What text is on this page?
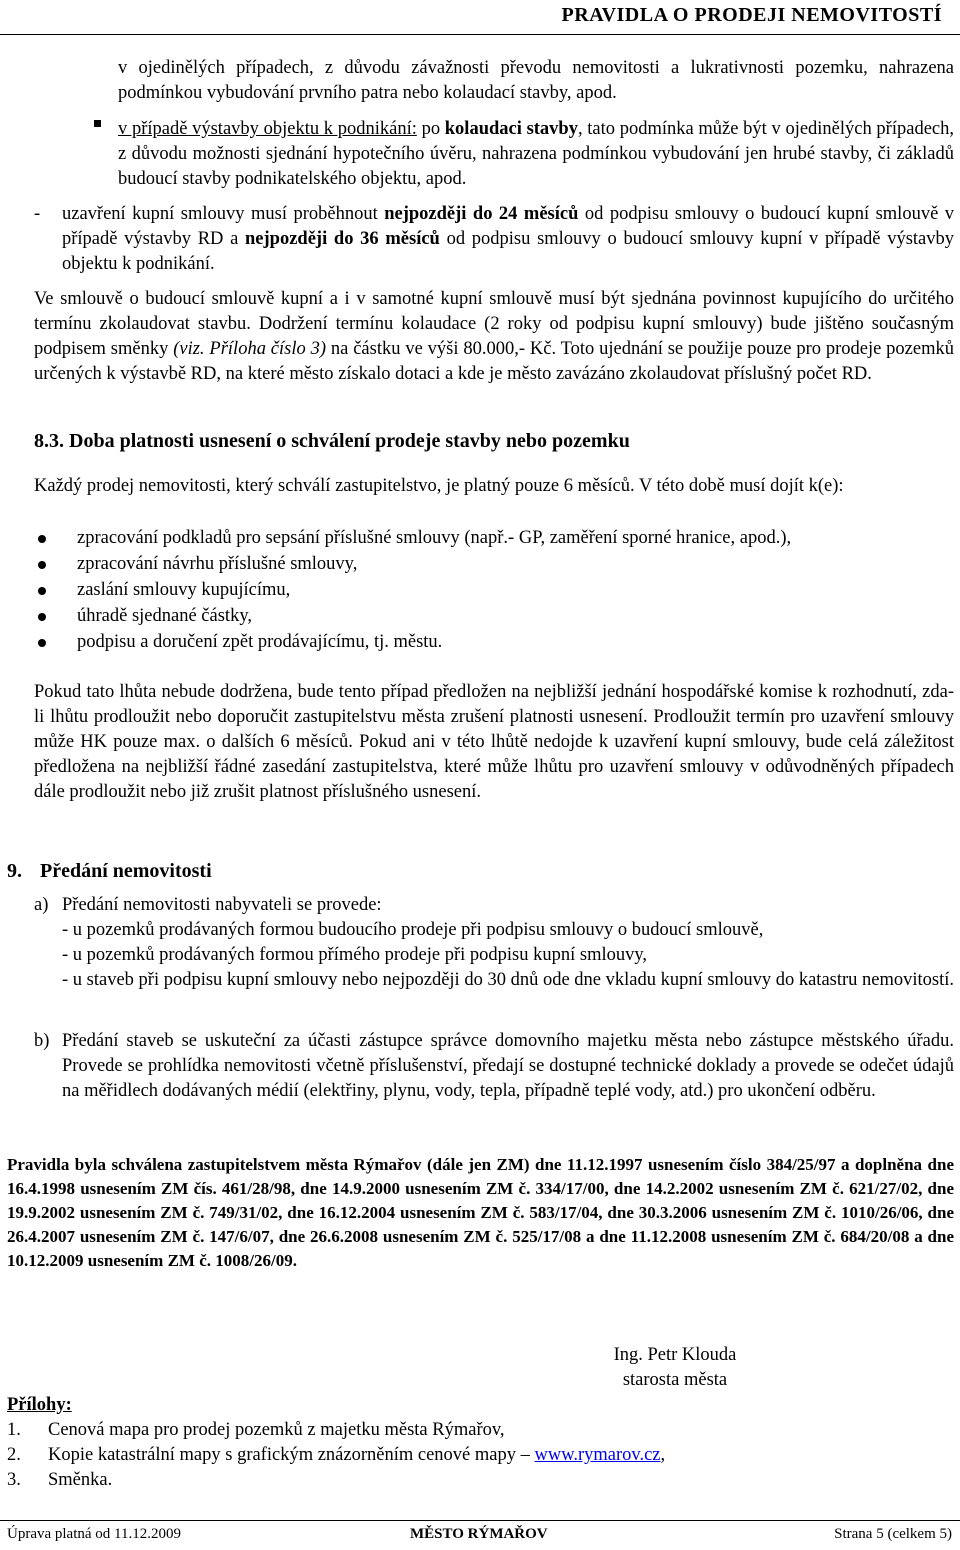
PRAVIDLA O PRODEJI NEMOVITOSTÍ

v ojedinělých případech, z důvodu závažnosti převodu nemovitosti a lukrativnosti pozemku, nahrazena podmínkou vybudování prvního patra nebo kolaudací stavby, apod.

v případě výstavby objektu k podnikání: po kolaudaci stavby, tato podmínka může být v ojedinělých případech, z důvodu možnosti sjednání hypotečního úvěru, nahrazena podmínkou vybudování jen hrubé stavby, či základů budoucí stavby podnikatelského objektu, apod.

- uzavření kupní smlouvy musí proběhnout nejpozději do 24 měsíců od podpisu smlouvy o budoucí kupní smlouvě v případě výstavby RD a nejpozději do 36 měsíců od podpisu smlouvy o budoucí smlouvy kupní v případě výstavby objektu k podnikání.

Ve smlouvě o budoucí smlouvě kupní a i v samotné kupní smlouvě musí být sjednána povinnost kupujícího do určitého termínu zkolaudovat stavbu. Dodržení termínu kolaudace (2 roky od podpisu kupní smlouvy) bude jištěno současným podpisem směnky (viz. Příloha číslo 3) na částku ve výši 80.000,- Kč. Toto ujednání se použije pouze pro prodeje pozemků určených k výstavbě RD, na které město získalo dotaci a kde je město zavázáno zkolaudovat příslušný počet RD.

8.3. Doba platnosti usnesení o schválení prodeje stavby nebo pozemku

Každý prodej nemovitosti, který schválí zastupitelstvo, je platný pouze 6 měsíců. V této době musí dojít k(e):

zpracování podkladů pro sepsání příslušné smlouvy (např.- GP, zaměření sporné hranice, apod.),
zpracování návrhu příslušné smlouvy,
zaslání smlouvy kupujícímu,
úhradě sjednané částky,
podpisu a doručení zpět prodávajícímu, tj. městu.

Pokud tato lhůta nebude dodržena, bude tento případ předložen na nejbližší jednání hospodářské komise k rozhodnutí, zda-li lhůtu prodloužit nebo doporučit zastupitelstvu města zrušení platnosti usnesení. Prodloužit termín pro uzavření smlouvy může HK pouze max. o dalších 6 měsíců. Pokud ani v této lhůtě nedojde k uzavření kupní smlouvy, bude celá záležitost předložena na nejbližší řádné zasedání zastupitelstva, které může lhůtu pro uzavření smlouvy v odůvodněných případech dále prodloužit nebo již zrušit platnost příslušného usnesení.

9. Předání nemovitosti
a) Předání nemovitosti nabyvateli se provede:
- u pozemků prodávaných formou budoucího prodeje při podpisu smlouvy o budoucí smlouvě,
- u pozemků prodávaných formou přímého prodeje při podpisu kupní smlouvy,

- u staveb při podpisu kupní smlouvy nebo nejpozději do 30 dnů ode dne vkladu kupní smlouvy do katastru nemovitostí.

b) Předání staveb se uskuteční za účasti zástupce správce domovního majetku města nebo zástupce městského úřadu. Provede se prohlídka nemovitosti včetně příslušenství, předají se dostupné technické doklady a provede se odečet údajů na měřidlech dodávaných médií (elektřiny, plynu, vody, tepla, případně teplé vody, atd.) pro ukončení odběru.

Pravidla byla schválena zastupitelstvem města Rýmařov (dále jen ZM) dne 11.12.1997 usnesením číslo 384/25/97 a doplněna dne 16.4.1998 usnesením ZM čís. 461/28/98, dne 14.9.2000 usnesením ZM č. 334/17/00, dne 14.2.2002 usnesením ZM č. 621/27/02, dne 19.9.2002 usnesením ZM č. 749/31/02, dne 16.12.2004 usnesením ZM č. 583/17/04, dne 30.3.2006 usnesením ZM č. 1010/26/06, dne 26.4.2007 usnesením ZM č. 147/6/07, dne 26.6.2008 usnesením ZM č. 525/17/08 a dne 11.12.2008 usnesením ZM č. 684/20/08 a dne 10.12.2009 usnesením ZM č. 1008/26/09.

Ing. Petr Klouda
starosta města
Přílohy:
1. Cenová mapa pro prodej pozemků z majetku města Rýmařov,
2. Kopie katastrální mapy s grafickým znázorněním cenové mapy – www.rymarov.cz,
3. Směnka.
Úprava platná od 11.12.2009	MĚSTO RÝMAŘOV	Strana 5 (celkem 5)
